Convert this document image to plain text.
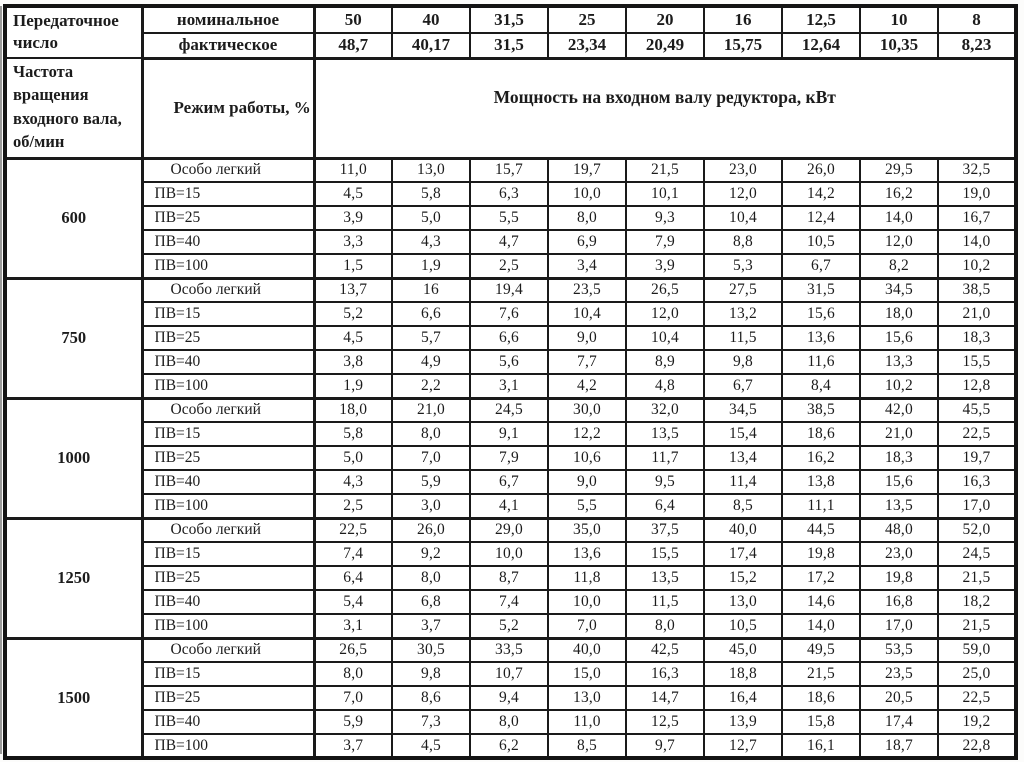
Передаточное число	номинальное	50	40	31,5	25	20	16	12,5	10	8
	фактическое	48,7	40,17	31,5	23,34	20,49	15,75	12,64	10,35	8,23
Частота вращения входного вала, об/мин	Режим работы, %	Мощность на входном валу редуктора, кВт								
600	Особо легкий	11,0	13,0	15,7	19,7	21,5	23,0	26,0	29,5	32,5
	ПВ=15	4,5	5,8	6,3	10,0	10,1	12,0	14,2	16,2	19,0
	ПВ=25	3,9	5,0	5,5	8,0	9,3	10,4	12,4	14,0	16,7
	ПВ=40	3,3	4,3	4,7	6,9	7,9	8,8	10,5	12,0	14,0
	ПВ=100	1,5	1,9	2,5	3,4	3,9	5,3	6,7	8,2	10,2
750	Особо легкий	13,7	16	19,4	23,5	26,5	27,5	31,5	34,5	38,5
	ПВ=15	5,2	6,6	7,6	10,4	12,0	13,2	15,6	18,0	21,0
	ПВ=25	4,5	5,7	6,6	9,0	10,4	11,5	13,6	15,6	18,3
	ПВ=40	3,8	4,9	5,6	7,7	8,9	9,8	11,6	13,3	15,5
	ПВ=100	1,9	2,2	3,1	4,2	4,8	6,7	8,4	10,2	12,8
1000	Особо легкий	18,0	21,0	24,5	30,0	32,0	34,5	38,5	42,0	45,5
	ПВ=15	5,8	8,0	9,1	12,2	13,5	15,4	18,6	21,0	22,5
	ПВ=25	5,0	7,0	7,9	10,6	11,7	13,4	16,2	18,3	19,7
	ПВ=40	4,3	5,9	6,7	9,0	9,5	11,4	13,8	15,6	16,3
	ПВ=100	2,5	3,0	4,1	5,5	6,4	8,5	11,1	13,5	17,0
1250	Особо легкий	22,5	26,0	29,0	35,0	37,5	40,0	44,5	48,0	52,0
	ПВ=15	7,4	9,2	10,0	13,6	15,5	17,4	19,8	23,0	24,5
	ПВ=25	6,4	8,0	8,7	11,8	13,5	15,2	17,2	19,8	21,5
	ПВ=40	5,4	6,8	7,4	10,0	11,5	13,0	14,6	16,8	18,2
	ПВ=100	3,1	3,7	5,2	7,0	8,0	10,5	14,0	17,0	21,5
1500	Особо легкий	26,5	30,5	33,5	40,0	42,5	45,0	49,5	53,5	59,0
	ПВ=15	8,0	9,8	10,7	15,0	16,3	18,8	21,5	23,5	25,0
	ПВ=25	7,0	8,6	9,4	13,0	14,7	16,4	18,6	20,5	22,5
	ПВ=40	5,9	7,3	8,0	11,0	12,5	13,9	15,8	17,4	19,2
	ПВ=100	3,7	4,5	6,2	8,5	9,7	12,7	16,1	18,7	22,8
